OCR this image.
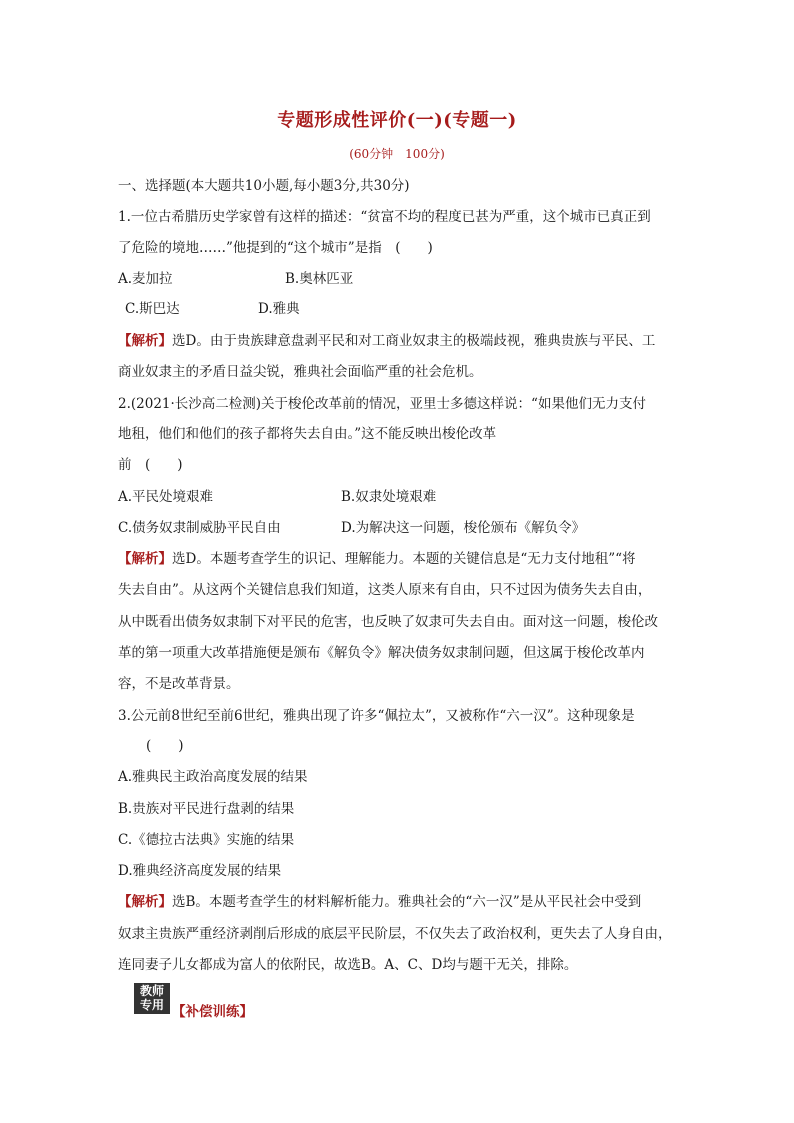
专题形成性评价(一)(专题一)
(60分钟　100分)
一、选择题(本大题共10小题,每小题3分,共30分)
1.一位古希腊历史学家曾有这样的描述：“贫富不均的程度已甚为严重，这个城市已真正到
了危险的境地……”他提到的“这个城市”是指　(　　)
A.麦加拉	B.奥林匹亚
C.斯巴达	D.雅典
【解析】选D。由于贵族肆意盘剥平民和对工商业奴隶主的极端歧视，雅典贵族与平民、工
商业奴隶主的矛盾日益尖锐，雅典社会面临严重的社会危机。
2.(2021·长沙高二检测)关于梭伦改革前的情况，亚里士多德这样说：“如果他们无力支付
地租，他们和他们的孩子都将失去自由。”这不能反映出梭伦改革
前　(　　)
A.平民处境艰难	B.奴隶处境艰难
C.债务奴隶制威胁平民自由	D.为解决这一问题，梭伦颁布《解负令》
【解析】选D。本题考查学生的识记、理解能力。本题的关键信息是“无力支付地租”“将
失去自由”。从这两个关键信息我们知道，这类人原来有自由，只不过因为债务失去自由，
从中既看出债务奴隶制下对平民的危害，也反映了奴隶可失去自由。面对这一问题，梭伦改
革的第一项重大改革措施便是颁布《解负令》解决债务奴隶制问题，但这属于梭伦改革内
容，不是改革背景。
3.公元前8世纪至前6世纪，雅典出现了许多“佩拉太”，又被称作“六一汉”。这种现象是
(　　)
A.雅典民主政治高度发展的结果
B.贵族对平民进行盘剥的结果
C.《德拉古法典》实施的结果
D.雅典经济高度发展的结果
【解析】选B。本题考查学生的材料解析能力。雅典社会的“六一汉”是从平民社会中受到
奴隶主贵族严重经济剥削后形成的底层平民阶层，不仅失去了政治权利，更失去了人身自由，
连同妻子儿女都成为富人的依附民，故选B。A、C、D均与题干无关，排除。
教师
专用 【补偿训练】
